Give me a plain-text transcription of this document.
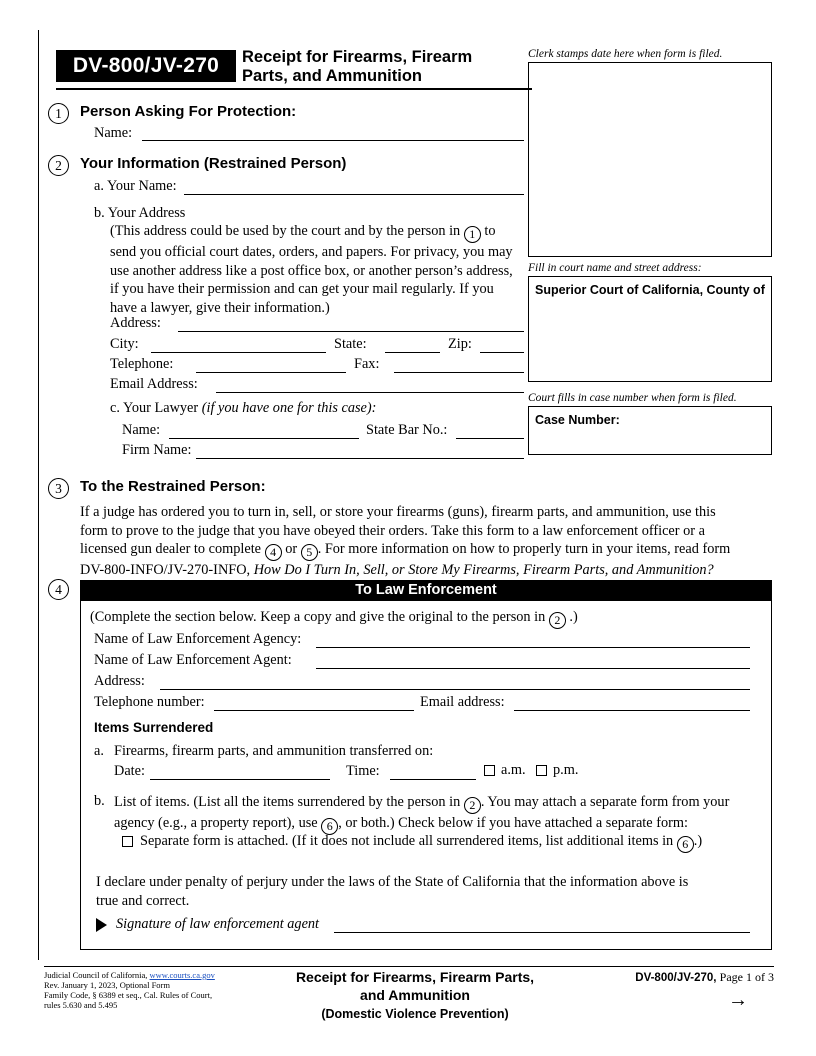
DV-800/JV-270	Receipt for Firearms, Firearm
Parts, and Ammunition
Clerk stamps date here when form is filed.
Fill in court name and street address:
Superior Court of California, County of
Court fills in case number when form is filed.
Case Number:
1	Person Asking For Protection:
Name:
2	Your Information (Restrained Person)
a. Your Name:
b. Your Address
(This address could be used by the court and by the person in 1 to
send you official court dates, orders, and papers. For privacy, you may
use another address like a post office box, or another person’s address,
if you have their permission and can get your mail regularly. If you
have a lawyer, give their information.)
Address:
City:	State:	Zip:
Telephone:	Fax:
Email Address:
c. Your Lawyer (if you have one for this case):
Name:	State Bar No.:
Firm Name:
3	To the Restrained Person:
If a judge has ordered you to turn in, sell, or store your firearms (guns), firearm parts, and ammunition, use this
form to prove to the judge that you have obeyed their orders. Take this form to a law enforcement officer or a
licensed gun dealer to complete 4 or 5 . For more information on how to properly turn in your items, read form
DV-800-INFO/JV-270-INFO, How Do I Turn In, Sell, or Store My Firearms, Firearm Parts, and Ammunition?
4	To Law Enforcement
(Complete the section below. Keep a copy and give the original to the person in 2 .)
Name of Law Enforcement Agency:
Name of Law Enforcement Agent:
Address:
Telephone number:	Email address:
Items Surrendered
a. Firearms, firearm parts, and ammunition transferred on:
Date:	Time:	a.m. p.m.
b. List of items. (List all the items surrendered by the person in 2 . You may attach a separate form from your
agency (e.g., a property report), use 6 , or both.) Check below if you have attached a separate form:
Separate form is attached. (If it does not include all surrendered items, list additional items in 6 .)
I declare under penalty of perjury under the laws of the State of California that the information above is
true and correct.
Signature of law enforcement agent
Judicial Council of California, www.courts.ca.gov
Rev. January 1, 2023, Optional Form
Family Code, § 6389 et seq., Cal. Rules of Court,
rules 5.630 and 5.495
Receipt for Firearms, Firearm Parts,
and Ammunition
(Domestic Violence Prevention)
DV-800/JV-270, Page 1 of 3
→
